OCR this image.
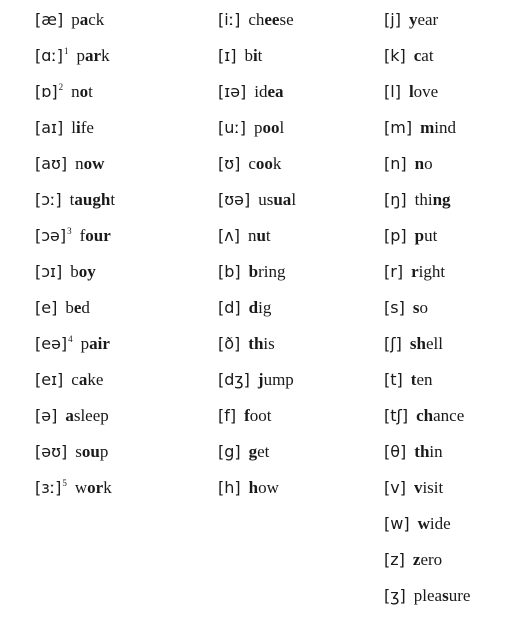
[æ] pack
[ɑː]$^1$ park
[ɒ]$^2$ not
[aɪ] life
[aʊ] now
[ɔː] taught
[ɔə]$^3$ four
[ɔɪ] boy
[e] bed
[eə]$^4$ pair
[eɪ] cake
[ə] asleep
[əʊ] soup
[ɜː]$^5$ work
[iː] cheese
[ɪ] bit
[ɪə] idea
[uː] pool
[ʊ] cook
[ʊə] usual
[ʌ] nut
[b] bring
[d] dig
[ð] this
[dʒ] jump
[f] foot
[g] get
[h] how
[j] year
[k] cat
[l] love
[m] mind
[n] no
[ŋ] thing
[p] put
[r] right
[s] so
[ʃ] shell
[t] ten
[tʃ] chance
[θ] thin
[v] visit
[w] wide
[z] zero
[ʒ] pleasure
